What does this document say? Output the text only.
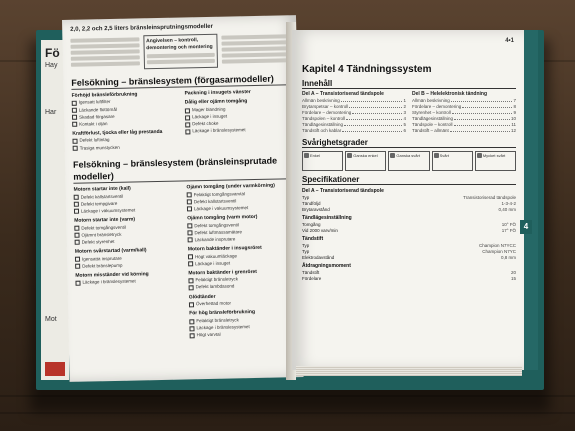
Fö
Hay
Har
Mot
2,0, 2,2 och 2,5 liters bränsleinsprutningsmodeller
Angivelsen – kontroll, demontering och montering
Felsökning – bränslesystem (förgasarmodeller)
Förhöjd bränsleförbrukning
Igensatt luftfilter
Läckande flottörnål
Skadad förgasare
Kontakt i oljan
Kraftförlust, tjocka eller låg prestanda
Defekt luftintag
Trasiga munstycken
Packning i insugets vänster
Dålig eller ojämn tomgång
Mager blandning
Läckage i insuget
Defekt choke
Läckage i bränslesystemet
Felsökning – bränslesystem (bränsleinsprutade modeller)
Motorn startar inte (kall)
Defekt kallstartsventil
Defekt tempgivare
Läckage i vakuumsystemet
Motorn startar inte (varm)
Defekt tomgångsventil
Ojämnt bränsletryck
Defekt styrenhet
Motorn svårstartad (varm/kall)
Igensatta insprutare
Defekt bränslepump
Motorn misständer vid körning
Läckage i bränslesystemet
Ojämn tomgång (under varmkörning)
Felaktigt tomgångsvarvtal
Defekt kallstartsventil
Läckage i vakuumsystemet
Ojämn tomgång (varm motor)
Defekt tomgångsventil
Defekt luftmassamätare
Läckande insprutare
Motorn baktänder i insugsröret
Högt vakuumläckage
Läckage i insuget
Motorn baktänder i grenröret
Felaktigt bränsletryck
Defekt lambdasond
Glödtänder
Överhettad motor
För hög bränsleförbrukning
Felaktigt bränsletryck
Läckage i bränslesystemet
Högt varvtal
4•1
Kapitel 4 Tändningssystem
Innehåll
Del A – Transistoriserad tändspole
Allmän beskrivning	1
Brytarspetsar – kontroll	2
Fördelare – demontering	3
Tändspolen – kontroll	4
Tändlägesinställning	5
Tändstift och kablar	6
Del B – Helelektronisk tändning
Allmän beskrivning	7
Fördelare – demontering	8
Styrenhet – kontroll	9
Tändlägesinställning	10
Tändspole – kontroll	11
Tändstift – allmänt	12
Svårighetsgrader
Enkel	Ganska enkel	Ganska svårt	Svårt	Mycket svårt
Specifikationer
Del A – Transistoriserad tändspole
Typ	Transistoriserad tändspole
Tändföljd	1-3-4-2
Brytaravstånd	0,40 mm
Tändlägesinställning
Tomgång	10° FÖ
Vid 2000 varv/min	17° FÖ
Tändstift
Typ	Champion N7YCC
Typ	Champion N7YC
Elektrodavstånd	0,8 mm
Åtdragningsmoment
Tändstift	20
Fördelare	15
4
